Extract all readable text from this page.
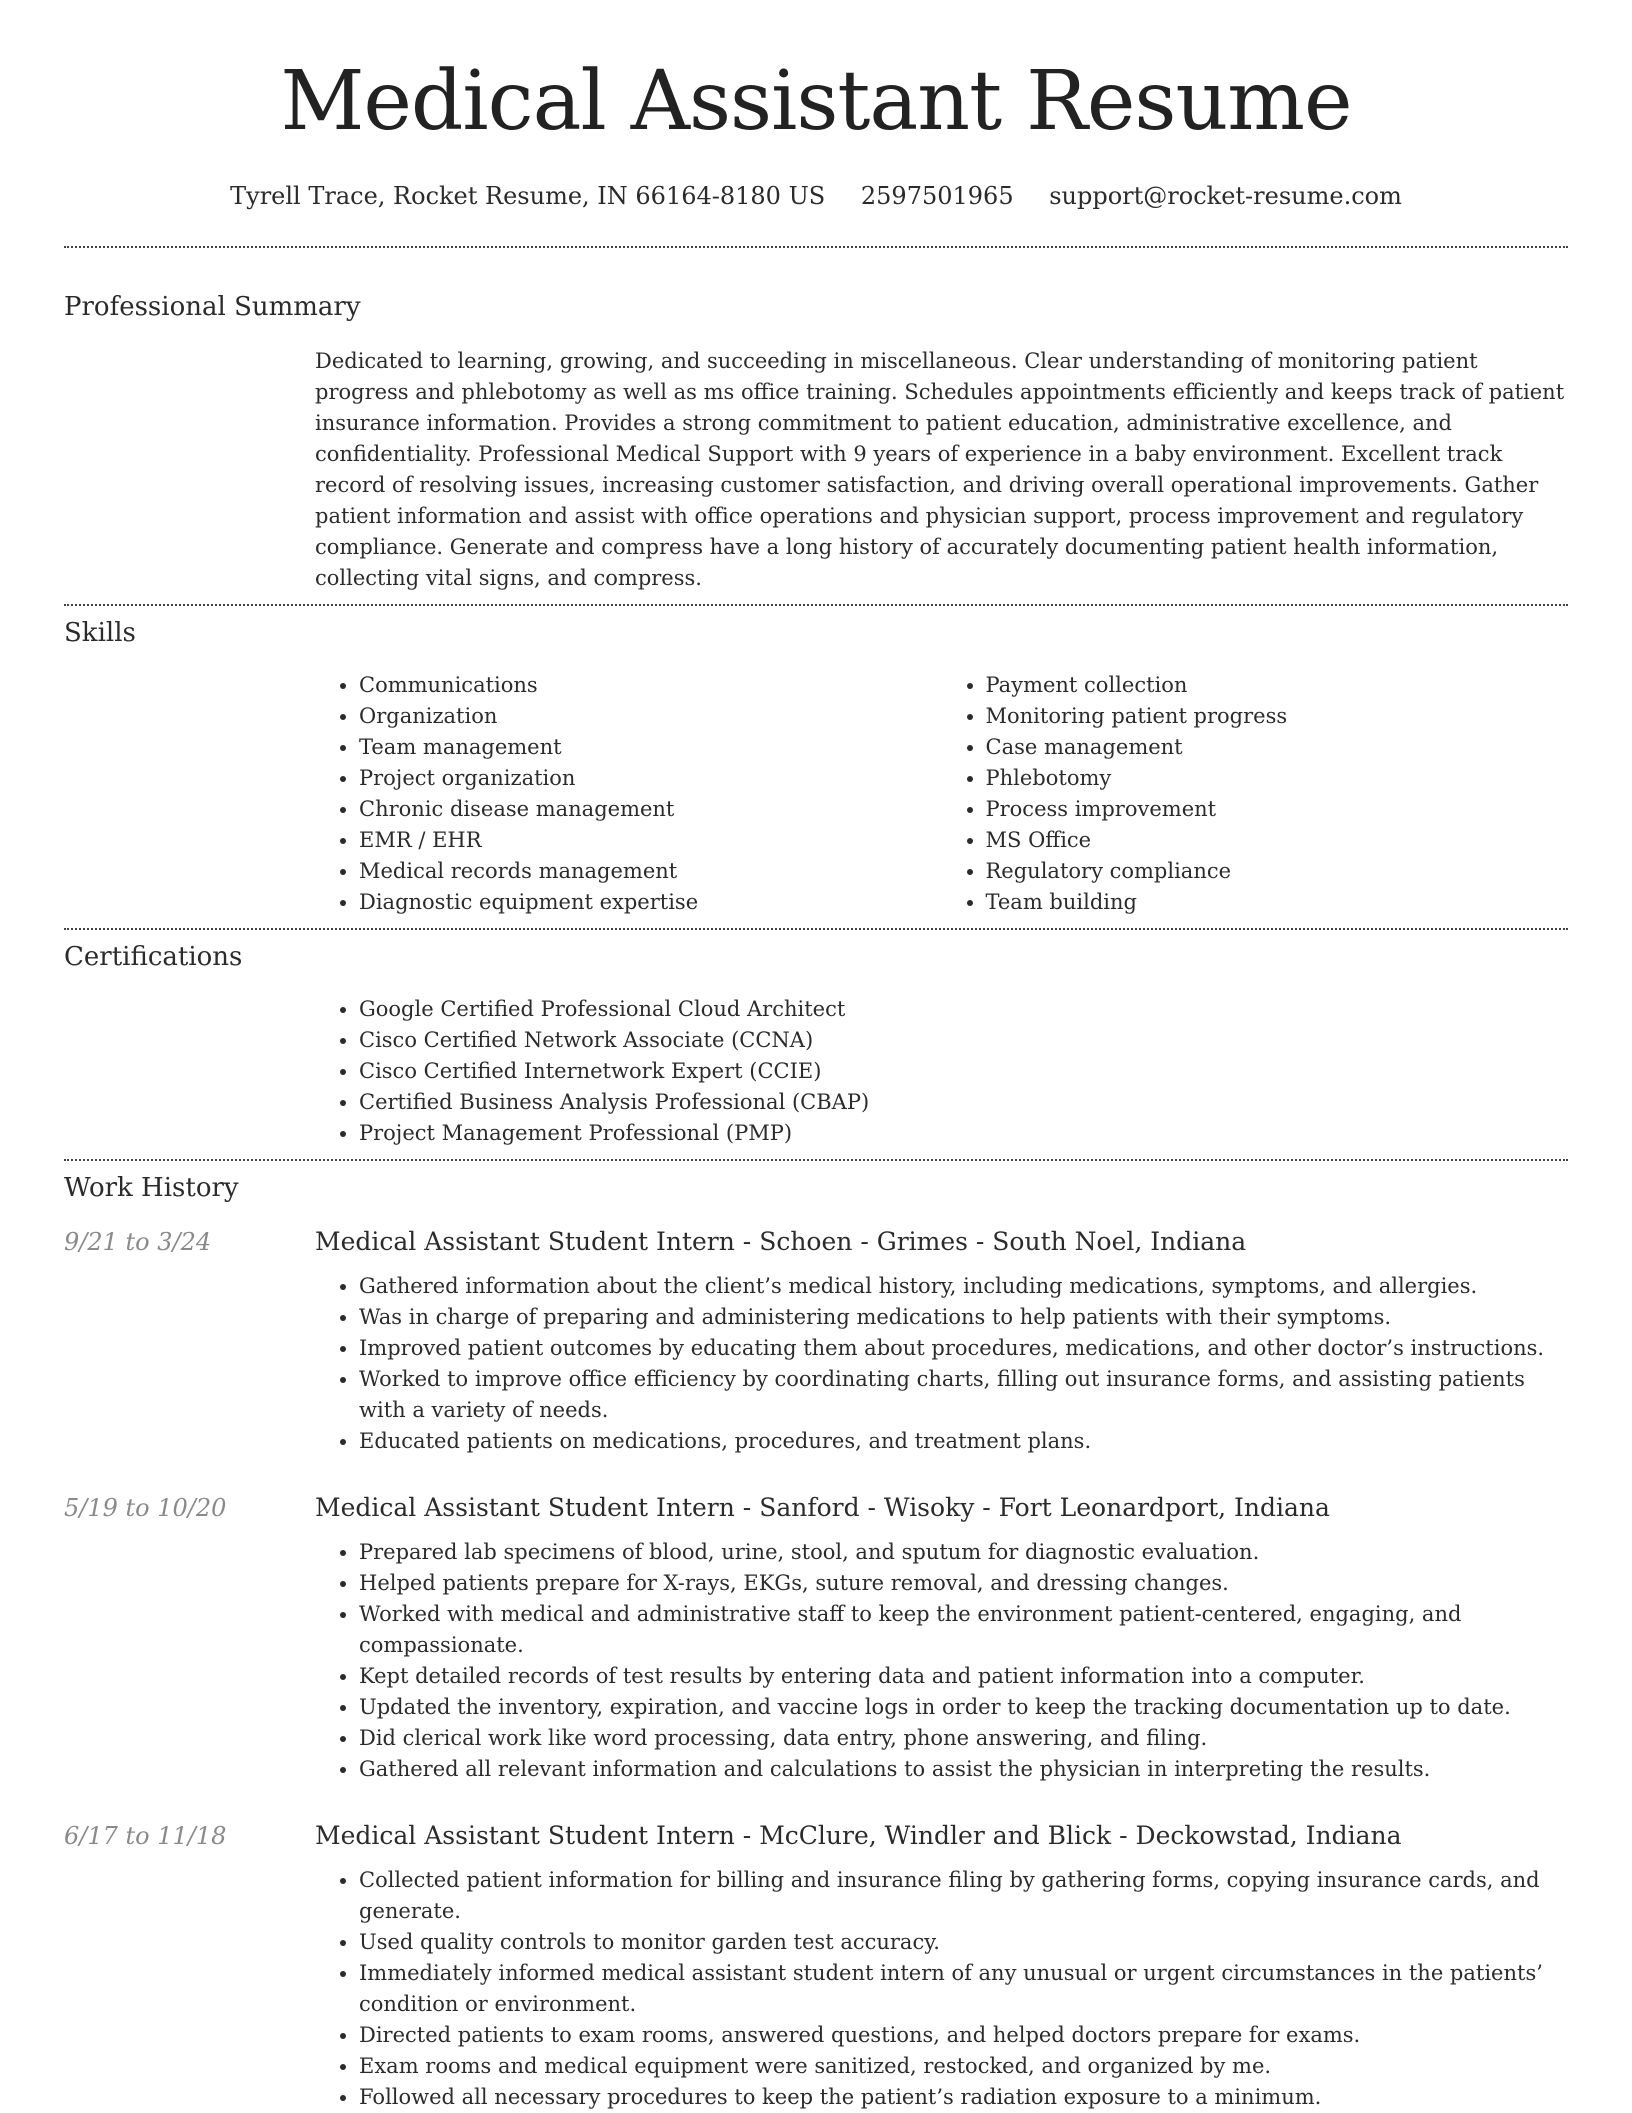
Medical Assistant Resume
Tyrell Trace, Rocket Resume, IN 66164-8180 US 2597501965 support@rocket-resume.com
Professional Summary
Dedicated to learning, growing, and succeeding in miscellaneous. Clear understanding of monitoring patient progress and phlebotomy as well as ms office training. Schedules appointments efficiently and keeps track of patient insurance information. Provides a strong commitment to patient education, administrative excellence, and confidentiality. Professional Medical Support with 9 years of experience in a baby environment. Excellent track record of resolving issues, increasing customer satisfaction, and driving overall operational improvements. Gather patient information and assist with office operations and physician support, process improvement and regulatory compliance. Generate and compress have a long history of accurately documenting patient health information, collecting vital signs, and compress.
Skills
• Communications
• Organization
• Team management
• Project organization
• Chronic disease management
• EMR / EHR
• Medical records management
• Diagnostic equipment expertise
• Payment collection
• Monitoring patient progress
• Case management
• Phlebotomy
• Process improvement
• MS Office
• Regulatory compliance
• Team building
Certifications
• Google Certified Professional Cloud Architect
• Cisco Certified Network Associate (CCNA)
• Cisco Certified Internetwork Expert (CCIE)
• Certified Business Analysis Professional (CBAP)
• Project Management Professional (PMP)
Work History
9/21 to 3/24	Medical Assistant Student Intern - Schoen - Grimes - South Noel, Indiana
• Gathered information about the client’s medical history, including medications, symptoms, and allergies.
• Was in charge of preparing and administering medications to help patients with their symptoms.
• Improved patient outcomes by educating them about procedures, medications, and other doctor’s instructions.
• Worked to improve office efficiency by coordinating charts, filling out insurance forms, and assisting patients with a variety of needs.
• Educated patients on medications, procedures, and treatment plans.
5/19 to 10/20	Medical Assistant Student Intern - Sanford - Wisoky - Fort Leonardport, Indiana
• Prepared lab specimens of blood, urine, stool, and sputum for diagnostic evaluation.
• Helped patients prepare for X-rays, EKGs, suture removal, and dressing changes.
• Worked with medical and administrative staff to keep the environment patient-centered, engaging, and compassionate.
• Kept detailed records of test results by entering data and patient information into a computer.
• Updated the inventory, expiration, and vaccine logs in order to keep the tracking documentation up to date.
• Did clerical work like word processing, data entry, phone answering, and filing.
• Gathered all relevant information and calculations to assist the physician in interpreting the results.
6/17 to 11/18	Medical Assistant Student Intern - McClure, Windler and Blick - Deckowstad, Indiana
• Collected patient information for billing and insurance filing by gathering forms, copying insurance cards, and generate.
• Used quality controls to monitor garden test accuracy.
• Immediately informed medical assistant student intern of any unusual or urgent circumstances in the patients’ condition or environment.
• Directed patients to exam rooms, answered questions, and helped doctors prepare for exams.
• Exam rooms and medical equipment were sanitized, restocked, and organized by me.
• Followed all necessary procedures to keep the patient’s radiation exposure to a minimum.
